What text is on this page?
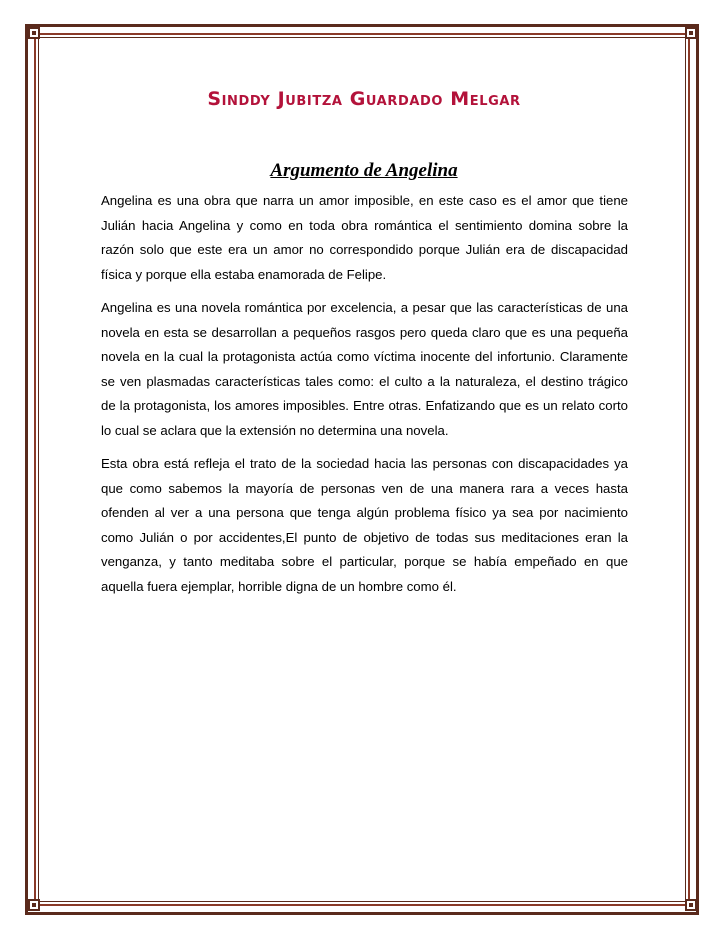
Sinddy Jubitza Guardado Melgar
Argumento de Angelina

Angelina es una obra que narra un amor imposible, en este caso es el amor que tiene Julián hacia Angelina y como en toda obra romántica el sentimiento domina sobre la razón solo que este era un amor no correspondido porque Julián era de discapacidad física y porque ella estaba enamorada de Felipe.

Angelina es una novela romántica por excelencia, a pesar que las características de una novela en esta se desarrollan a pequeños rasgos pero queda claro que es una pequeña novela en la cual la protagonista actúa como víctima inocente del infortunio. Claramente se ven plasmadas características tales como: el culto a la naturaleza, el destino trágico de la protagonista, los amores imposibles. Entre otras. Enfatizando que es un relato corto lo cual se aclara que la extensión no determina una novela.

Esta obra está refleja el trato de la sociedad hacia las personas con discapacidades ya que como sabemos la mayoría de personas ven de una manera rara a veces hasta ofenden al ver a una persona que tenga algún problema físico ya sea por nacimiento como Julián o por accidentes,El punto de objetivo de todas sus meditaciones eran la venganza, y tanto meditaba sobre el particular, porque se había empeñado en que aquella fuera ejemplar, horrible digna de un hombre como él.
